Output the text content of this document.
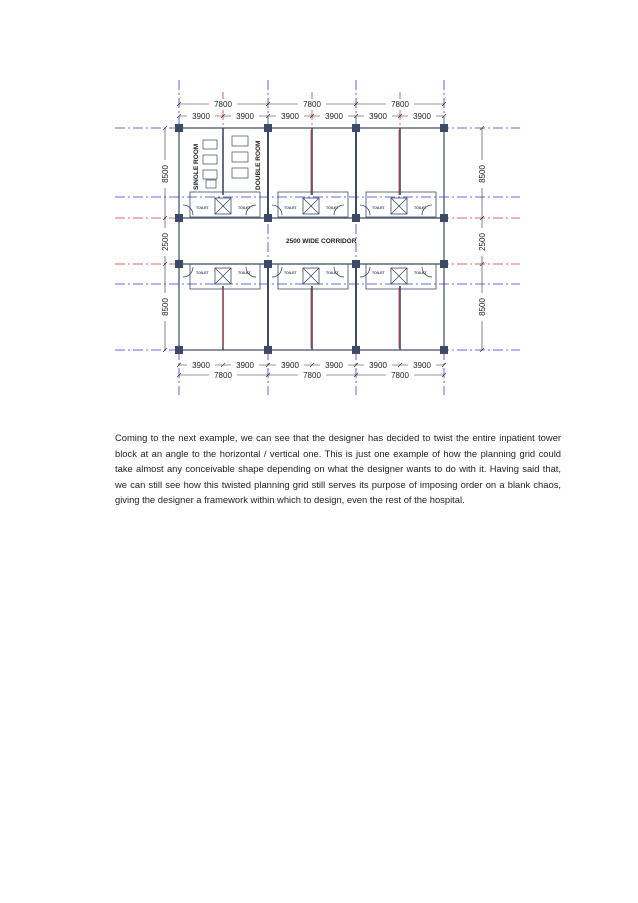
TOILET	TOILET	TOILET	TOILET	TOILET	TOILET
TOILET	TOILET	TOILET	TOILET	TOILET	TOILET
SINGLE ROOM	DOUBLE ROOM
2500 WIDE CORRIDOR
7800	7800	7800
3900	3900	3900	3900	3900	3900
3900	3900	3900	3900	3900	3900
7800	7800	7800
8500
2500
8500
8500
2500
8500
Coming to the next example, we can see that the designer has decided to twist the entire inpatient tower block at an angle to the horizontal / vertical one. This is just one example of how the planning grid could take almost any conceivable shape depending on what the designer wants to do with it. Having said that, we can still see how this twisted planning grid still serves its purpose of imposing order on a blank chaos, giving the designer a framework within which to design, even the rest of the hospital.
